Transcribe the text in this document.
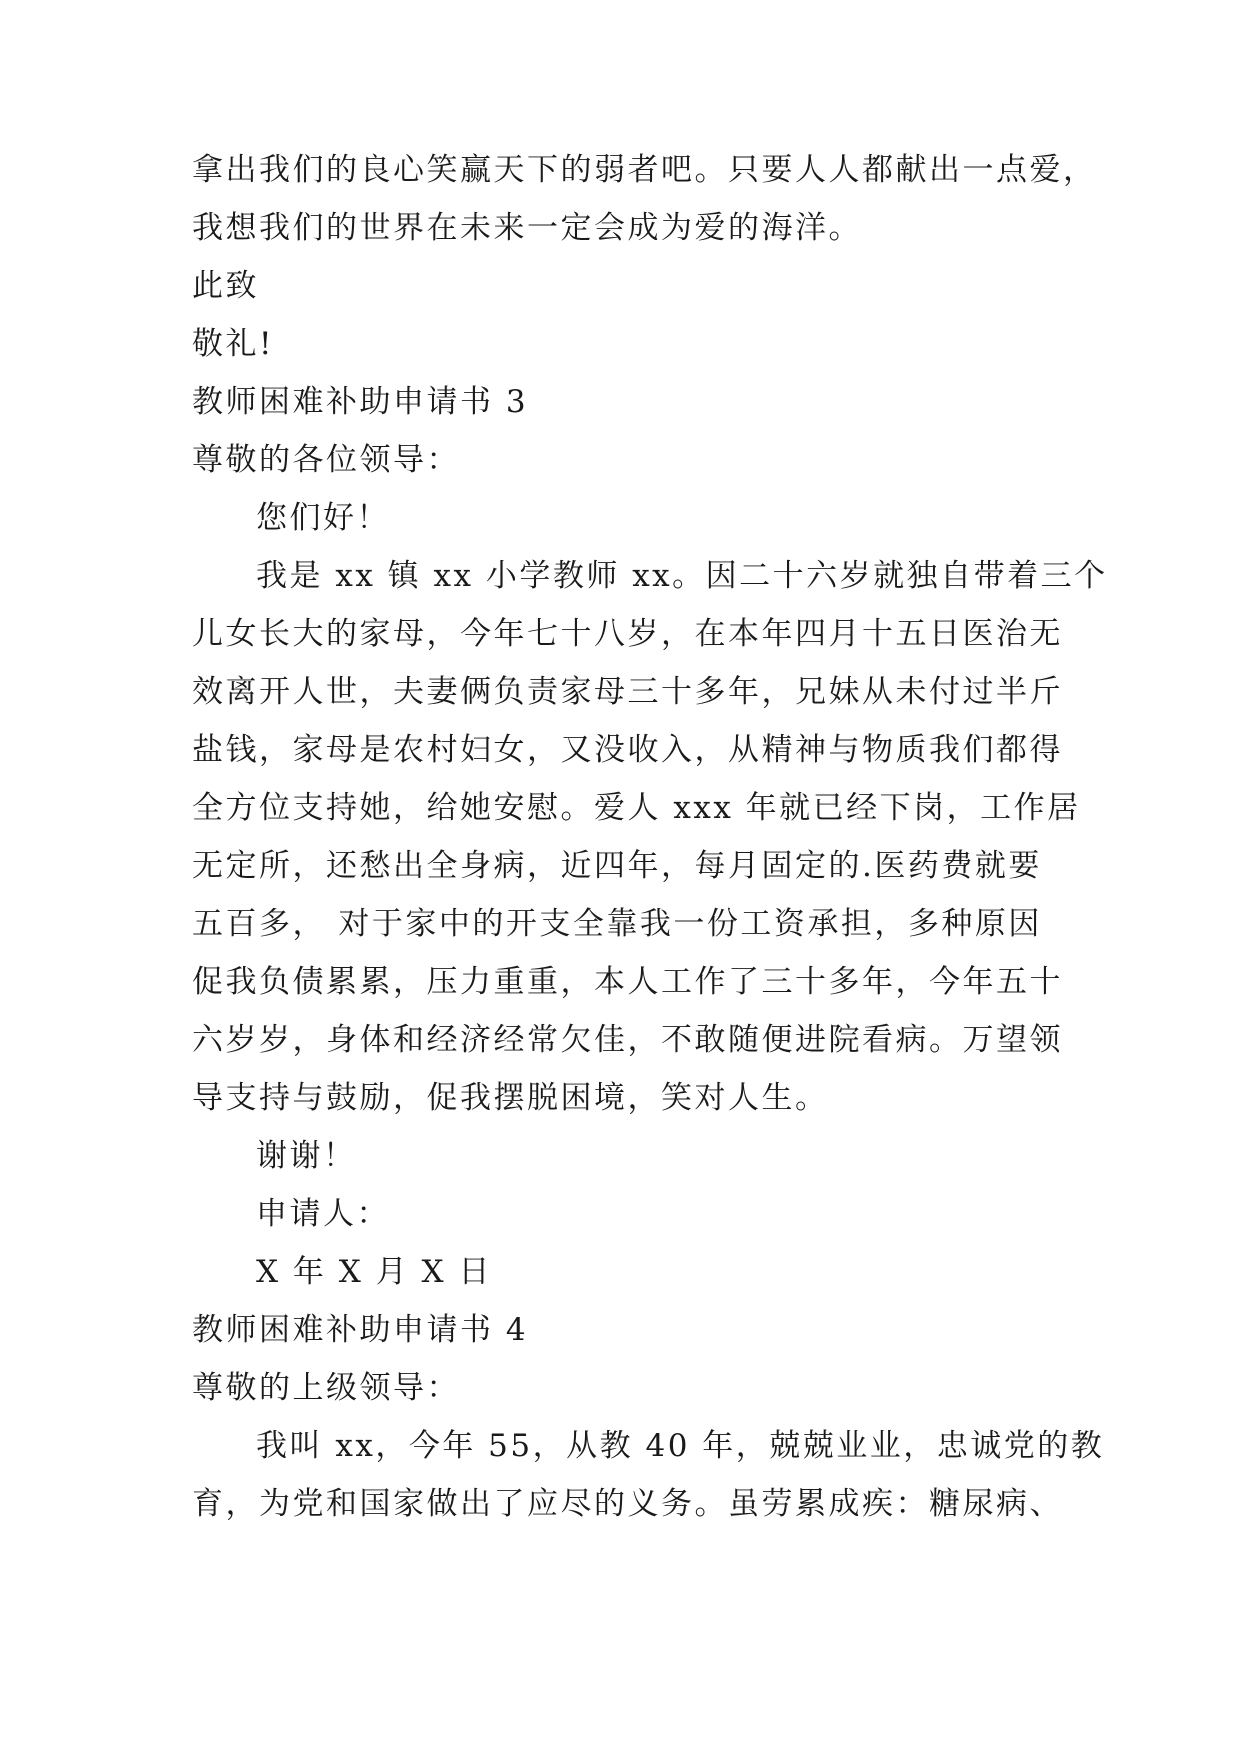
拿出我们的良心笑赢天下的弱者吧。只要人人都献出一点爱，

我想我们的世界在未来一定会成为爱的海洋。

此致

敬礼!

教师困难补助申请书 3

尊敬的各位领导：

您们好！

我是 xx 镇 xx 小学教师 xx。因二十六岁就独自带着三个

儿女长大的家母，今年七十八岁，在本年四月十五日医治无

效离开人世，夫妻俩负责家母三十多年，兄妹从未付过半斤

盐钱，家母是农村妇女，又没收入，从精神与物质我们都得

全方位支持她，给她安慰。爱人 xxx 年就已经下岗，工作居

无定所，还愁出全身病，近四年，每月固定的.医药费就要

五百多， 对于家中的开支全靠我一份工资承担，多种原因

促我负债累累，压力重重，本人工作了三十多年，今年五十

六岁岁，身体和经济经常欠佳，不敢随便进院看病。万望领

导支持与鼓励，促我摆脱困境，笑对人生。

谢谢！

申请人：

X 年 X 月 X 日

教师困难补助申请书 4

尊敬的上级领导：

我叫 xx，今年 55，从教 40 年，兢兢业业，忠诚党的教

育，为党和国家做出了应尽的义务。虽劳累成疾：糖尿病、
